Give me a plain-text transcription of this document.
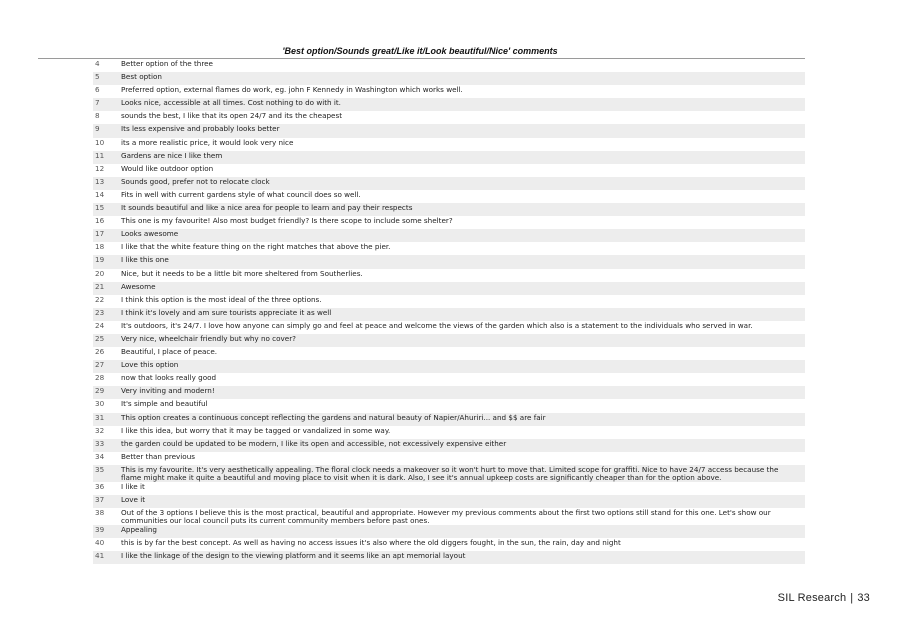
'Best option/Sounds great/Like it/Look beautiful/Nice' comments
4	Better option of the three
5	Best option
6	Preferred option, external flames do work, eg. john F Kennedy in Washington which works well.
7	Looks nice, accessible at all times. Cost nothing to do with it.
8	sounds the best, I like that its open 24/7 and its the cheapest
9	Its less expensive and probably looks better
10	its a more realistic price, it would look very nice
11	Gardens are nice I like them
12	Would like outdoor option
13	Sounds good, prefer not to relocate clock
14	Fits in well with current gardens style of what council does so well.
15	It sounds beautiful and like a nice area for people to learn and pay their respects
16	This one is my favourite! Also most budget friendly? Is there scope to include some shelter?
17	Looks awesome
18	I like that the white feature thing on the right matches that above the pier.
19	I like this one
20	Nice, but it needs to be a little bit more sheltered from Southerlies.
21	Awesome
22	I think this option is the most ideal of the three options.
23	I think it's lovely and am sure tourists appreciate it as well
24	It's outdoors, it's 24/7. I love how anyone can simply go and feel at peace and welcome the views of the garden which also is a statement to the individuals who served in war.
25	Very nice, wheelchair friendly but why no cover?
26	Beautiful, I place of peace.
27	Love this option
28	now that looks really good
29	Very inviting and modern!
30	It's simple and beautiful
31	This option creates a continuous concept reflecting the gardens and natural beauty of Napier/Ahuriri... and $$ are fair
32	I like this idea, but worry that it may be tagged or vandalized in some way.
33	the garden could be updated to be modern, I like its open and accessible, not excessively expensive either
34	Better than previous
35	This is my favourite. It's very aesthetically appealing. The floral clock needs a makeover so it won't hurt to move that. Limited scope for graffiti. Nice to have 24/7 access because the flame might make it quite a beautiful and moving place to visit when it is dark. Also, I see it's annual upkeep costs are significantly cheaper than for the option above.
36	I like it
37	Love it
38	Out of the 3 options I believe this is the most practical, beautiful and appropriate. However my previous comments about the first two options still stand for this one. Let's show our communities our local council puts its current community members before past ones.
39	Appealing
40	this is by far the best concept. As well as having no access issues it's also where the old diggers fought, in the sun, the rain, day and night
41	I like the linkage of the design to the viewing platform and it seems like an apt memorial layout
SIL Research | 33
